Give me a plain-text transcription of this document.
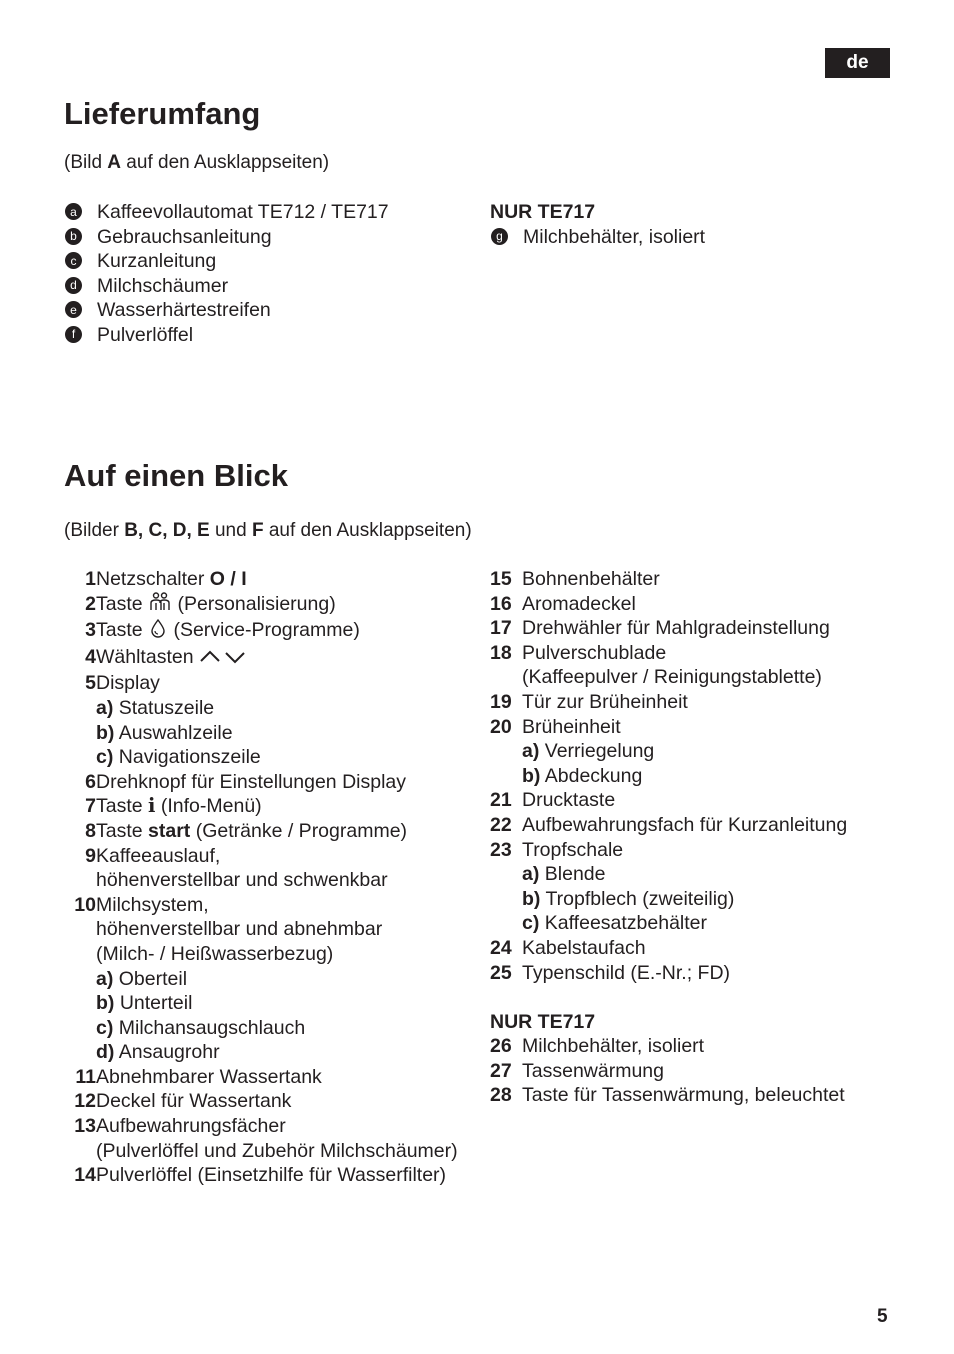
de
Lieferumfang

(Bild A auf den Ausklappseiten)

a Kaffeevollautomat TE712 / TE717
b Gebrauchsanleitung
c Kurzanleitung
d Milchschäumer
e Wasserhärtestreifen
f	Pulverlöffel
NUR TE717
g Milchbehälter, isoliert
Auf einen Blick

(Bilder B, C, D, E und F auf den Ausklappseiten)

1 Netzschalter O / I
2 Taste  (Personalisierung)
3 Taste  (Service-Programme)
4 Wähltasten
5 Display
a) Statuszeile
b) Auswahlzeile
c) Navigationszeile
6 Drehknopf für Einstellungen Display
7 Taste i (Info-Menü)
8 Taste start (Getränke / Programme)
9 Kaffeeauslauf,
höhenverstellbar und schwenkbar
10 Milchsystem,
höhenverstellbar und abnehmbar
(Milch- / Heißwasserbezug)
a) Oberteil
b) Unterteil
c) Milchansaugschlauch
d) Ansaugrohr
11 Abnehmbarer Wassertank
12 Deckel für Wassertank
13 Aufbewahrungsfächer
(Pulverlöffel und Zubehör Milchschäumer)
14 Pulverlöffel (Einsetzhilfe für Wasserfilter)
15 Bohnenbehälter
16 Aromadeckel
17 Drehwähler für Mahlgradeinstellung
18 Pulverschublade
(Kaffeepulver / Reinigungstablette)
19 Tür zur Brüheinheit
20 Brüheinheit
a) Verriegelung
b) Abdeckung
21 Drucktaste
22 Aufbewahrungsfach für Kurzanleitung
23 Tropfschale
a) Blende
b) Tropfblech (zweiteilig)
c) Kaffeesatzbehälter
24 Kabelstaufach
25 Typenschild (E.-Nr.; FD)
NUR TE717
26 Milchbehälter, isoliert
27 Tassenwärmung
28 Taste für Tassenwärmung, beleuchtet
5
